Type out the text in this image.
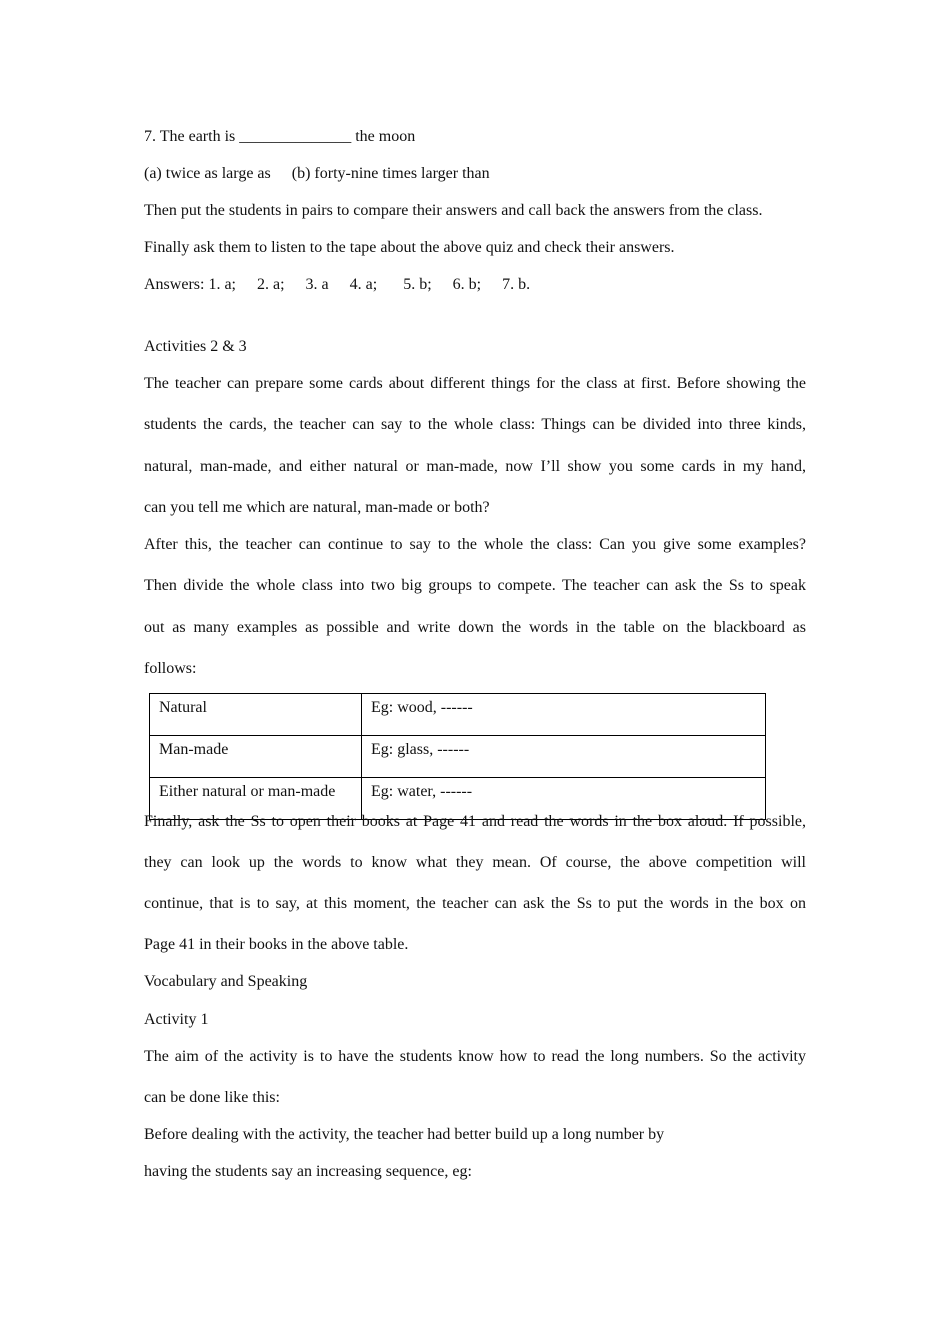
7. The earth is ______________ the moon
(a) twice as large as (b) forty-nine times larger than
Then put the students in pairs to compare their answers and call back the answers from the class.
Finally ask them to listen to the tape about the above quiz and check their answers.
Answers: 1. a; 2. a; 3. a 4. a; 5. b; 6. b; 7. b.
Activities 2 & 3
The teacher can prepare some cards about different things for the class at first. Before showing the
students the cards, the teacher can say to the whole class: Things can be divided into three kinds,
natural, man-made, and either natural or man-made, now I’ll show you some cards in my hand,
can you tell me which are natural, man-made or both?
After this, the teacher can continue to say to the whole the class: Can you give some examples?
Then divide the whole class into two big groups to compete. The teacher can ask the Ss to speak
out as many examples as possible and write down the words in the table on the blackboard as
follows:
Natural	Eg: wood, ------
Man-made	Eg: glass, ------
Either natural or man-made	Eg: water, ------
Finally, ask the Ss to open their books at Page 41 and read the words in the box aloud. If possible,
they can look up the words to know what they mean. Of course, the above competition will
continue, that is to say, at this moment, the teacher can ask the Ss to put the words in the box on
Page 41 in their books in the above table.
Vocabulary and Speaking
Activity 1
The aim of the activity is to have the students know how to read the long numbers. So the activity
can be done like this:
Before dealing with the activity, the teacher had better build up a long number by
having the students say an increasing sequence, eg:
